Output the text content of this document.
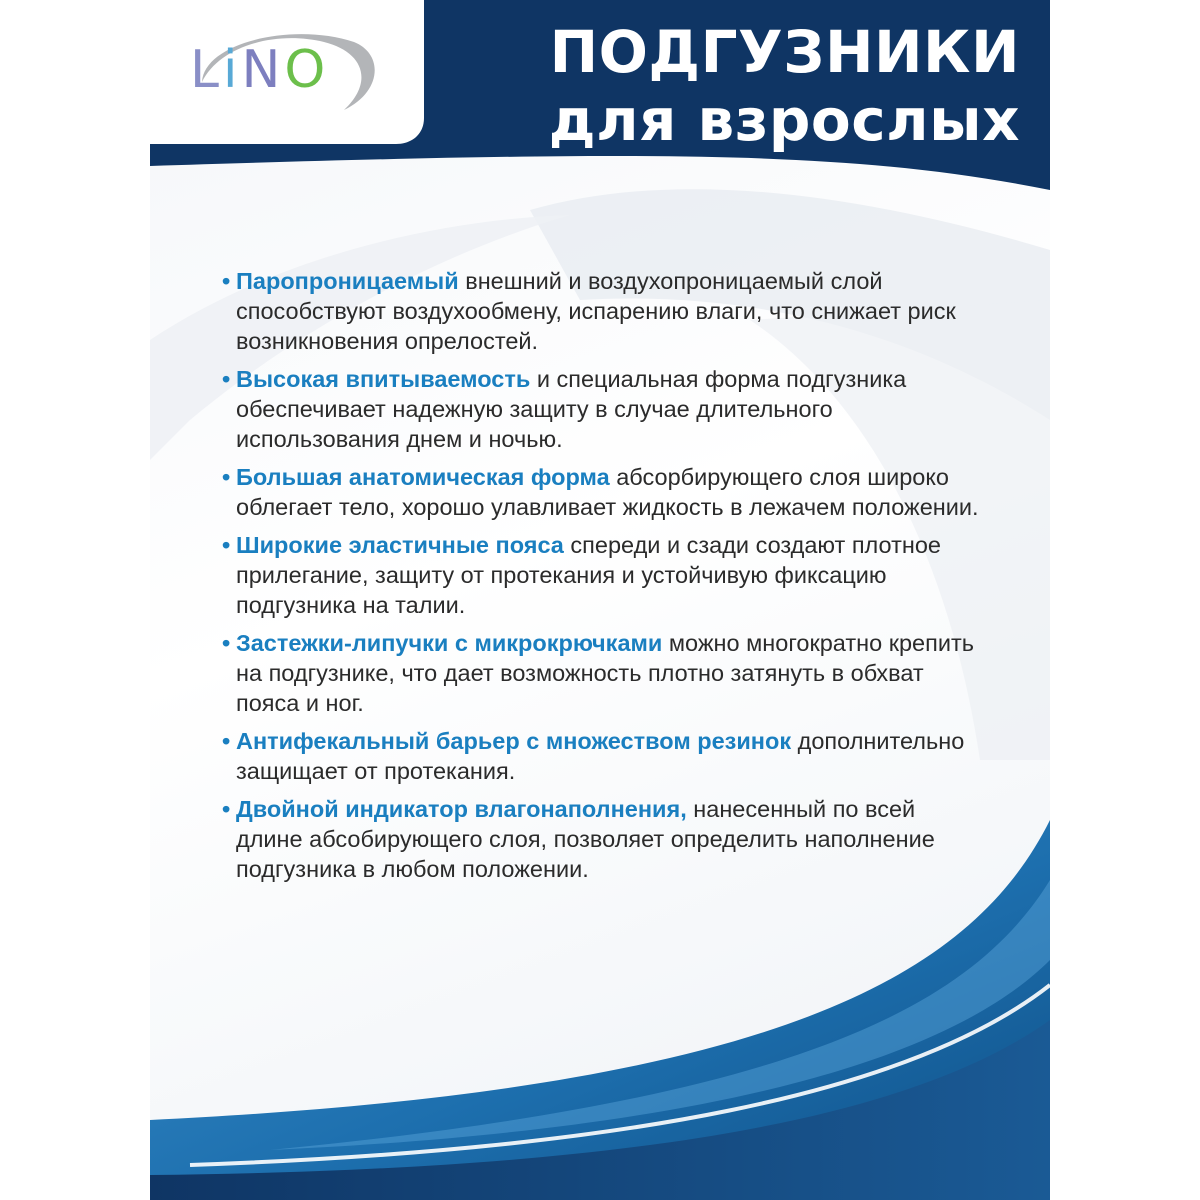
LiNO	ПОДГУЗНИКИ
для взрослых
• Паропроницаемый внешний и воздухопроницаемый слой способствуют воздухообмену, испарению влаги, что снижает риск возникновения опрелостей.
• Высокая впитываемость и специальная форма подгузника обеспечивает надежную защиту в случае длительного использования днем и ночью.
• Большая анатомическая форма абсорбирующего слоя широко облегает тело, хорошо улавливает жидкость в лежачем положении.
• Широкие эластичные пояса спереди и сзади создают плотное прилегание, защиту от протекания и устойчивую фиксацию подгузника на талии.
• Застежки-липучки с микрокрючками можно многократно крепить на подгузнике, что дает возможность плотно затянуть в обхват пояса и ног.
• Антифекальный барьер с множеством резинок дополнительно защищает от протекания.
• Двойной индикатор влагонаполнения, нанесенный по всей длине абсобирующего слоя, позволяет определить наполнение подгузника в любом положении.
